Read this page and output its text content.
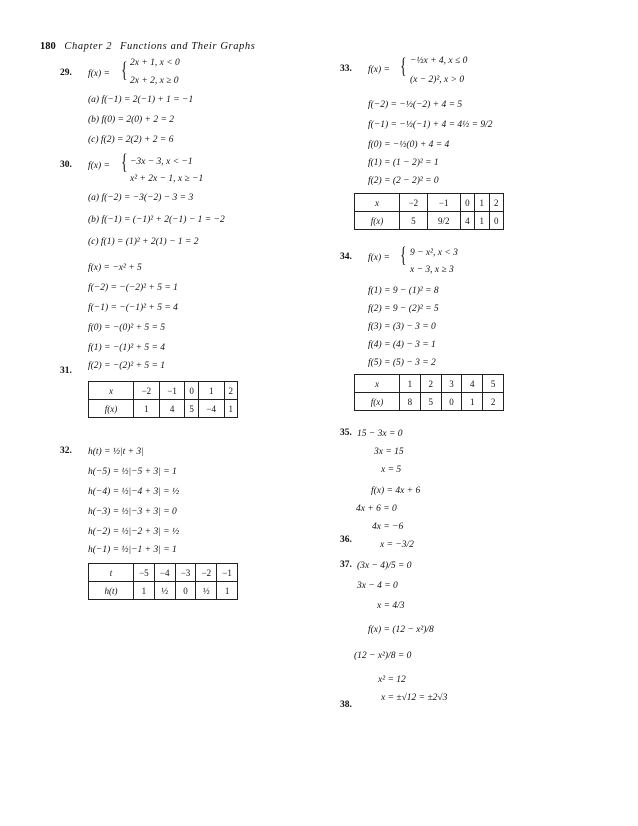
180 Chapter 2 Functions and Their Graphs
29. f(x) = { 2x + 1, x < 0
2x + 2, x ≥ 0
(a) f(−1) = 2(−1) + 1 = −1
(b) f(0) = 2(0) + 2 = 2
(c) f(2) = 2(2) + 2 = 6
30. f(x) = { −3x − 3, x < −1
x² + 2x − 1, x ≥ −1
(a) f(−2) = −3(−2) − 3 = 3
(b) f(−1) = (−1)² + 2(−1) − 1 = −2
(c) f(1) = (1)² + 2(1) − 1 = 2
f(x) = −x² + 5
f(−2) = −(−2)² + 5 = 1
f(−1) = −(−1)² + 5 = 4
f(0) = −(0)² + 5 = 5
f(1) = −(1)² + 5 = 4
f(2) = −(2)² + 5 = 1
31.
x	−2	−1	0	1	2
f(x)	1	4	5	−4	1
32. h(t) = ½|t + 3|
h(−5) = ½|−5 + 3| = 1
h(−4) = ½|−4 + 3| = ½
h(−3) = ½|−3 + 3| = 0
h(−2) = ½|−2 + 3| = ½
h(−1) = ½|−1 + 3| = 1
t	−5	−4	−3	−2	−1
h(t)	1	½	0	½	1
33. f(x) = { −½x + 4, x ≤ 0
(x − 2)², x > 0
f(−2) = −½(−2) + 4 = 5
f(−1) = −½(−1) + 4 = 4½ = 9/2
f(0) = −½(0) + 4 = 4
f(1) = (1 − 2)² = 1
f(2) = (2 − 2)² = 0
x	−2	−1	0	1	2
f(x)	5	9/2	4	1	0
34. f(x) = { 9 − x², x < 3
x − 3, x ≥ 3
f(1) = 9 − (1)² = 8
f(2) = 9 − (2)² = 5
f(3) = (3) − 3 = 0
f(4) = (4) − 3 = 1
f(5) = (5) − 3 = 2
x	1	2	3	4	5
f(x)	8	5	0	1	2
35. 15 − 3x = 0
3x = 15
x = 5
f(x) = 4x + 6
4x + 6 = 0
4x = −6
x = −3/2
36.
37. (3x − 4)/5 = 0
3x − 4 = 0
x = 4/3
f(x) = (12 − x²)/8
(12 − x²)/8 = 0
x² = 12
x = ±√12 = ±2√3
38.
